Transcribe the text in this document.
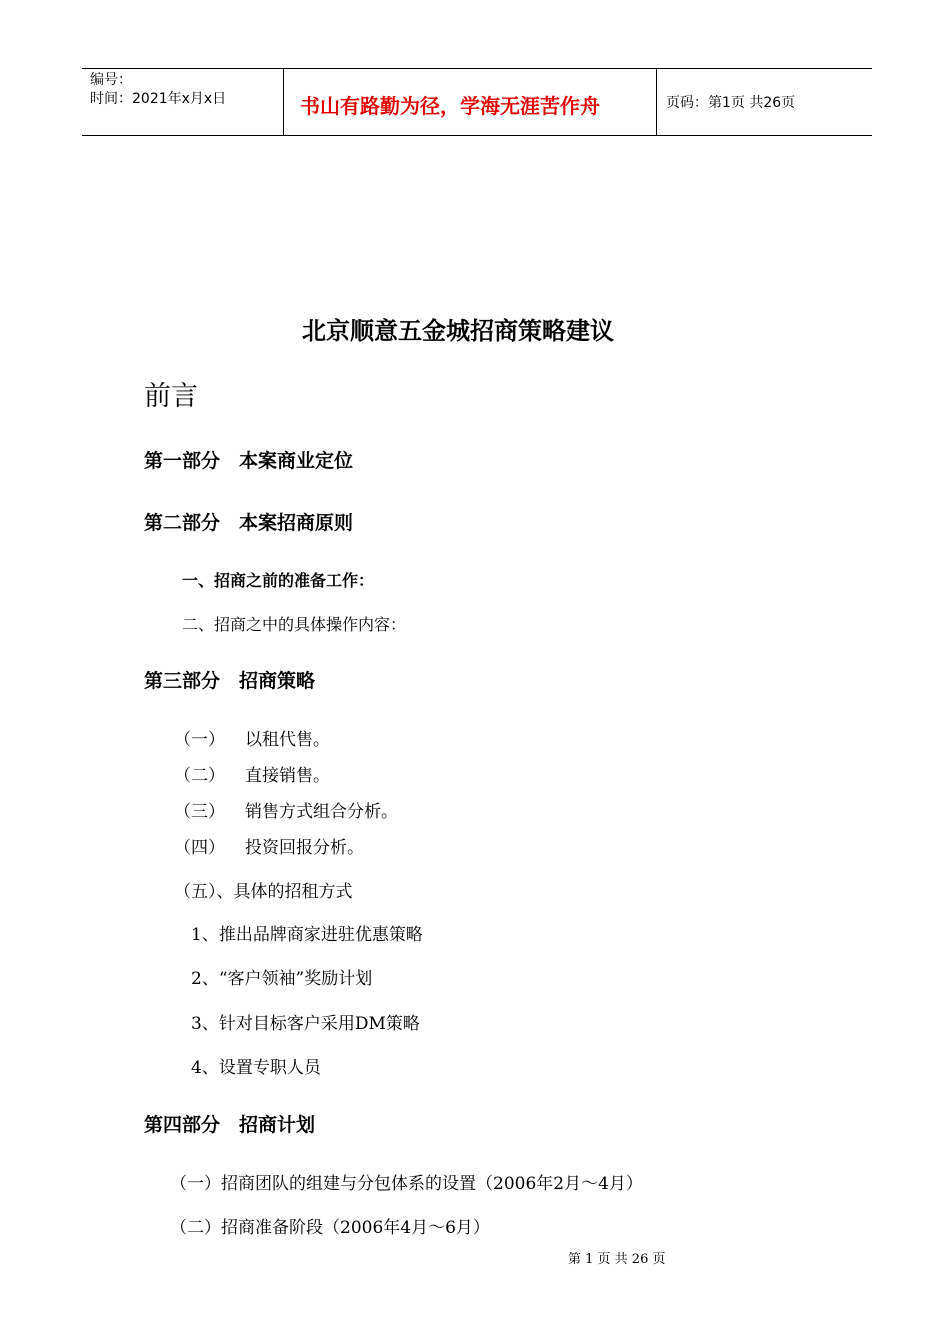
编号：
时间：2021年x月x日	书山有路勤为径，学海无涯苦作舟	页码：第1页 共26页
北京顺意五金城招商策略建议
前言
第一部分　本案商业定位
第二部分　本案招商原则
一、招商之前的准备工作：
二、招商之中的具体操作内容：
第三部分　招商策略
（一） 以租代售。
（二） 直接销售。
（三） 销售方式组合分析。
（四） 投资回报分析。
（五）、具体的招租方式
1、推出品牌商家进驻优惠策略
2、“客户领袖”奖励计划
3、针对目标客户采用DM策略
4、设置专职人员
第四部分　招商计划
（一）招商团队的组建与分包体系的设置（2006年2月～4月）
（二）招商准备阶段（2006年4月～6月）
第 1 页 共 26 页
